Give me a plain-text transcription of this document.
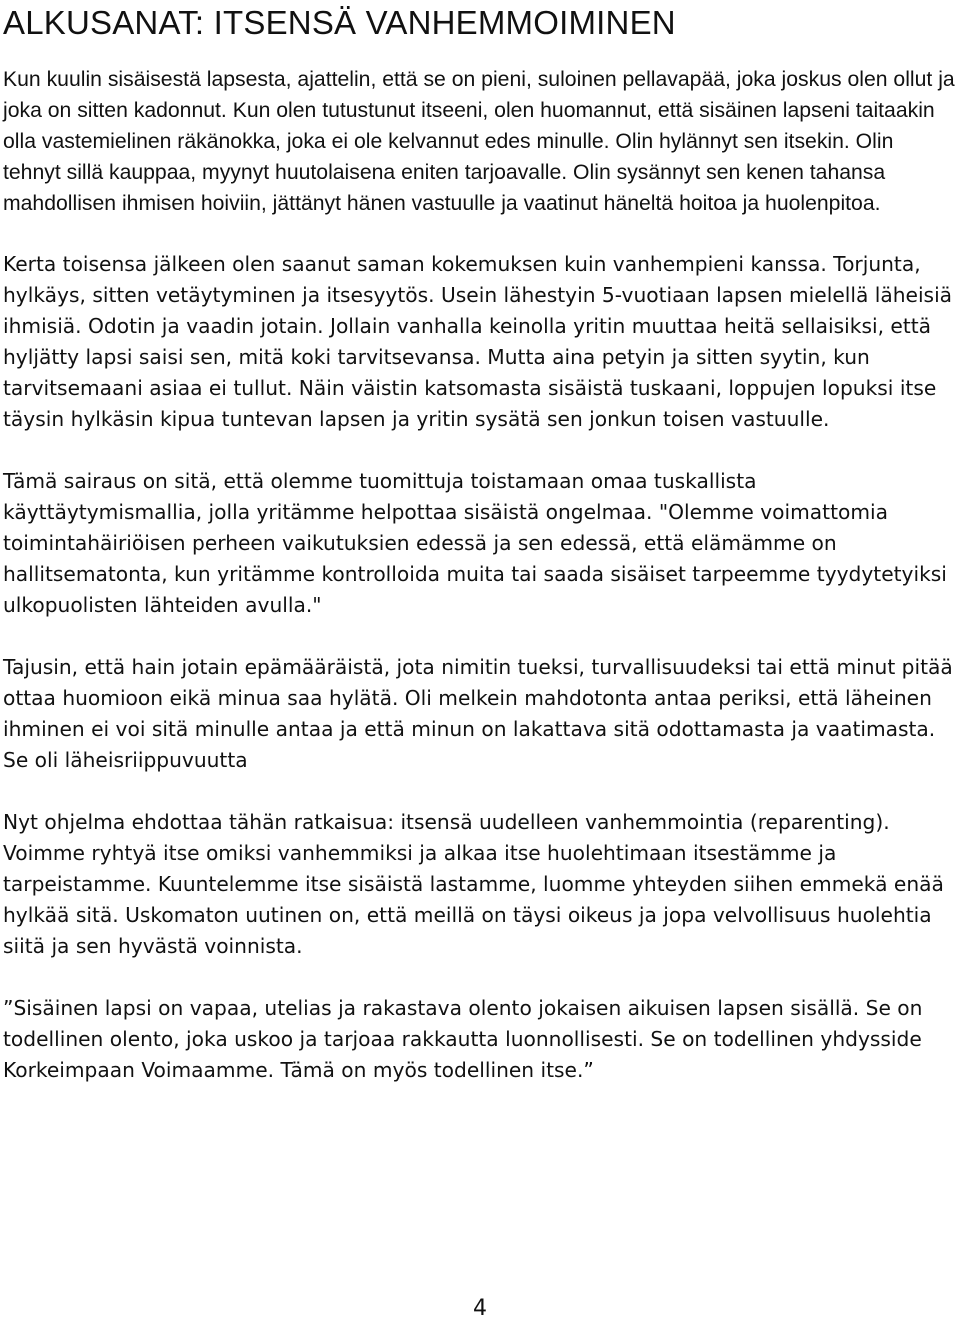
ALKUSANAT: ITSENSÄ VANHEMMOIMINEN

Kun kuulin sisäisestä lapsesta, ajattelin, että se on pieni, suloinen pellavapää, joka joskus olen ollut ja joka on sitten kadonnut. Kun olen tutustunut itseeni, olen huomannut, että sisäinen lapseni taitaakin olla vastemielinen räkänokka, joka ei ole kelvannut edes minulle. Olin hylännyt sen itsekin. Olin tehnyt sillä kauppaa, myynyt huutolaisena eniten tarjoavalle. Olin sysännyt sen kenen tahansa mahdollisen ihmisen hoiviin, jättänyt hänen vastuulle ja vaatinut häneltä hoitoa ja huolenpitoa.

Kerta toisensa jälkeen olen saanut saman kokemuksen kuin vanhempieni kanssa. Torjunta, hylkäys, sitten vetäytyminen ja itsesyytös. Usein lähestyin 5-vuotiaan lapsen mielellä läheisiä ihmisiä. Odotin ja vaadin jotain. Jollain vanhalla keinolla yritin muuttaa heitä sellaisiksi, että hyljätty lapsi saisi sen, mitä koki tarvitsevansa. Mutta aina petyin ja sitten syytin, kun tarvitsemaani asiaa ei tullut. Näin väistin katsomasta sisäistä tuskaani, loppujen lopuksi itse täysin hylkäsin kipua tuntevan lapsen ja yritin sysätä sen jonkun toisen vastuulle.

Tämä sairaus on sitä, että olemme tuomittuja toistamaan omaa tuskallista käyttäytymismallia, jolla yritämme helpottaa sisäistä ongelmaa. "Olemme voimattomia toimintahäiriöisen perheen vaikutuksien edessä ja sen edessä, että elämämme on hallitsematonta, kun yritämme kontrolloida muita tai saada sisäiset tarpeemme tyydytetyiksi ulkopuolisten lähteiden avulla."

Tajusin, että hain jotain epämääräistä, jota nimitin tueksi, turvallisuudeksi tai että minut pitää ottaa huomioon eikä minua saa hylätä. Oli melkein mahdotonta antaa periksi, että läheinen ihminen ei voi sitä minulle antaa ja että minun on lakattava sitä odottamasta ja vaatimasta. Se oli läheisriippuvuutta

Nyt ohjelma ehdottaa tähän ratkaisua: itsensä uudelleen vanhemmointia (reparenting). Voimme ryhtyä itse omiksi vanhemmiksi ja alkaa itse huolehtimaan itsestämme ja tarpeistamme. Kuuntelemme itse sisäistä lastamme, luomme yhteyden siihen emmekä enää hylkää sitä. Uskomaton uutinen on, että meillä on täysi oikeus ja jopa velvollisuus huolehtia siitä ja sen hyvästä voinnista.

”Sisäinen lapsi on vapaa, utelias ja rakastava olento jokaisen aikuisen lapsen sisällä. Se on todellinen olento, joka uskoo ja tarjoaa rakkautta luonnollisesti. Se on todellinen yhdysside Korkeimpaan Voimaamme. Tämä on myös todellinen itse.”

4
